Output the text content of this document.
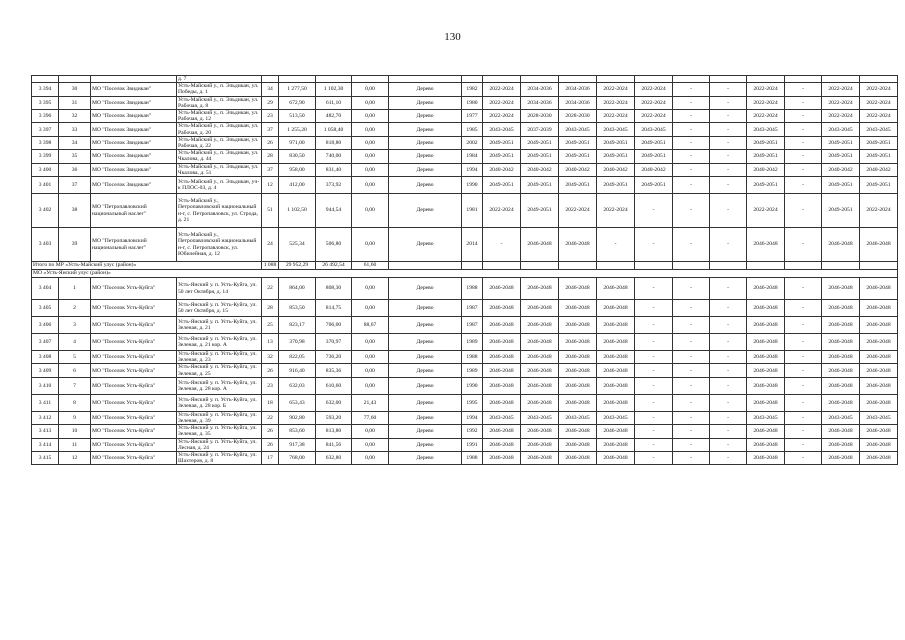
130
			д. 7																	
3 394	30	МО "Поселок Звидикан"	Усть-Майский у., п. Эльдикан, ул. Победы, д. 1	34	1 277,50	1 102,30	0,00	Дерево	1982	2022-2024	2034-2036	2034-2036	2022-2024	2022-2024	-	-	2022-2024	-	2022-2024	2022-2024
3 395	31	МО "Поселок Звидикан"	Усть-Майский у., п. Эльдикан, ул. Рабочая, д. 8	29	672,90	611,10	0,00	Дерево	1980	2022-2024	2034-2036	2034-2036	2022-2024	2022-2024	-	-	2022-2024	-	2022-2024	2022-2024
3 396	32	МО "Поселок Звидикан"	Усть-Майский у., п. Эльдикан, ул. Рабочая, д. 12	23	513,50	482,70	0,00	Дерево	1977	2022-2024	2028-2030	2028-2030	2022-2024	2022-2024	-	-	2022-2024	-	2022-2024	2022-2024
3 397	33	МО "Поселок Звидикан"	Усть-Майский у., п. Эльдикан, ул. Рабочая, д. 20	37	1 255,20	1 058,40	0,00	Дерево	1985	2043-2045	2037-2039	2043-2045	2043-2045	2043-2045	-	-	2043-2045	-	2043-2045	2043-2045
3 398	34	МО "Поселок Звидикан"	Усть-Майский у., п. Эльдикан, ул. Рабочая, д. 22	26	971,00	818,80	0,00	Дерево	2002	2049-2051	2049-2051	2049-2051	2049-2051	2049-2051	-	-	2049-2051	-	2049-2051	2049-2051
3 399	35	МО "Поселок Звидикан"	Усть-Майский у., п. Эльдикан, ул. Чкалова, д. 44	28	830,50	740,00	0,00	Дерево	1984	2049-2051	2049-2051	2049-2051	2049-2051	2049-2051	-	-	2049-2051	-	2049-2051	2049-2051
3 400	36	МО "Поселок Звидикан"	Усть-Майский у., п. Эльдикан, ул. Чкалова, д. 51	37	958,00	831,40	0,00	Дерево	1994	2040-2042	2040-2042	2040-2042	2040-2042	2040-2042	-	-	2040-2042	-	2040-2042	2040-2042
3 401	37	МО "Поселок Звидикан"	Усть-Майский у., п. Эльдикан, уч-к ПЛОС-03, д. 4	12	412,00	373,92	0,00	Дерево	1990	2049-2051	2049-2051	2049-2051	2049-2051	2049-2051	-	-	2049-2051	-	2049-2051	2049-2051
3 402	38	МО "Петропавловский национальный наслег"	Усть-Майский у., Петропавловский национальный н-г, с. Петропавловск, ул. Строда, д. 21	51	1 102,50	944,54	0,00	Дерево	1981	2022-2024	2049-2051	2022-2024	2022-2024	-	-	-	2022-2024	-	2049-2051	2022-2024
3 403	39	МО "Петропавловский национальный наслег"	Усть-Майский у., Петропавловский национальный н-г, с. Петропавловск, ул. Юбилейная, д. 12	24	525,34	506,80	0,00	Дерево	2014	-	2046-2048	2046-2048	-	-	-	-	2046-2048	-	2046-2048	2046-2048
Итого по МР «Усть-Майский улус (район)»				1 088	29 952,29	26 492,54	61,60													
МО «Усть-Янский улус (район)»																				
3 404	1	МО "Поселок Усть-Куйга"	Усть-Янский у. п. Усть-Куйга, ул. 50 лет Октября, д. 14	22	864,00	808,30	0,00	Дерево	1988	2046-2048	2046-2048	2046-2048	2046-2048	-	-	-	2046-2048	-	2046-2048	2046-2048
3 405	2	МО "Поселок Усть-Куйга"	Усть-Янский у. п. Усть-Куйга, ул. 50 лет Октября, д. 15	28	853,50	814,75	0,00	Дерево	1987	2046-2048	2046-2048	2046-2048	2046-2048	-	-	-	2046-2048	-	2046-2048	2046-2048
3 406	3	МО "Поселок Усть-Куйга"	Усть-Янский у. п. Усть-Куйга, ул. Зеленая, д. 21	25	823,17	706,00	88,67	Дерево	1987	2046-2048	2046-2048	2046-2048	2046-2048	-	-	-	2046-2048	-	2046-2048	2046-2048
3 407	4	МО "Поселок Усть-Куйга"	Усть-Янский у. п. Усть-Куйга, ул. Зеленая, д. 21 кор. А	13	370,98	370,97	0,00	Дерево	1989	2046-2048	2046-2048	2046-2048	2046-2048	-	-	-	2046-2048	-	2046-2048	2046-2048
3 408	5	МО "Поселок Усть-Куйга"	Усть-Янский у. п. Усть-Куйга, ул. Зеленая, д. 23	32	822,05	736,20	0,00	Дерево	1988	2046-2048	2046-2048	2046-2048	2046-2048	-	-	-	2046-2048	-	2046-2048	2046-2048
3 409	6	МО "Поселок Усть-Куйга"	Усть-Янский у. п. Усть-Куйга, ул. Зеленая, д. 25	26	916,40	835,36	0,00	Дерево	1989	2046-2048	2046-2048	2046-2048	2046-2048	-	-	-	2046-2048	-	2046-2048	2046-2048
3 410	7	МО "Поселок Усть-Куйга"	Усть-Янский у. п. Усть-Куйга, ул. Зеленая, д. 28 кор. А	23	632,03	610,60	0,00	Дерево	1990	2046-2048	2046-2048	2046-2048	2046-2048	-	-	-	2046-2048	-	2046-2048	2046-2048
3 411	8	МО "Поселок Усть-Куйга"	Усть-Янский у. п. Усть-Куйга, ул. Зеленая, д. 28 кор. Б	18	653,43	632,00	21,43	Дерево	1995	2046-2048	2046-2048	2046-2048	2046-2048	-	-	-	2046-2048	-	2046-2048	2046-2048
3 412	9	МО "Поселок Усть-Куйга"	Усть-Янский у. п. Усть-Куйга, ул. Зеленая, д. 39	22	902,80	593,20	77,60	Дерево	1994	2043-2045	2043-2045	2043-2045	2043-2045	-	-	-	2043-2045	-	2043-2045	2043-2045
3 413	10	МО "Поселок Усть-Куйга"	Усть-Янский у. п. Усть-Куйга, ул. Зеленая, д. 35	26	853,60	813,80	0,00	Дерево	1992	2046-2048	2046-2048	2046-2048	2046-2048	-	-	-	2046-2048	-	2046-2048	2046-2048
3 414	11	МО "Поселок Усть-Куйга"	Усть-Янский у. п. Усть-Куйга, ул. Лесная, д. 24	26	917,38	841,56	0,00	Дерево	1991	2046-2048	2046-2048	2046-2048	2046-2048	-	-	-	2046-2048	-	2046-2048	2046-2048
3 415	12	МО "Поселок Усть-Куйга"	Усть-Янский у. п. Усть-Куйга, ул. Шахтеров, д. 8	17	768,00	632,80	0,00	Дерево	1988	2046-2048	2046-2048	2046-2048	2046-2048	-	-	-	2046-2048	-	2046-2048	2046-2048
